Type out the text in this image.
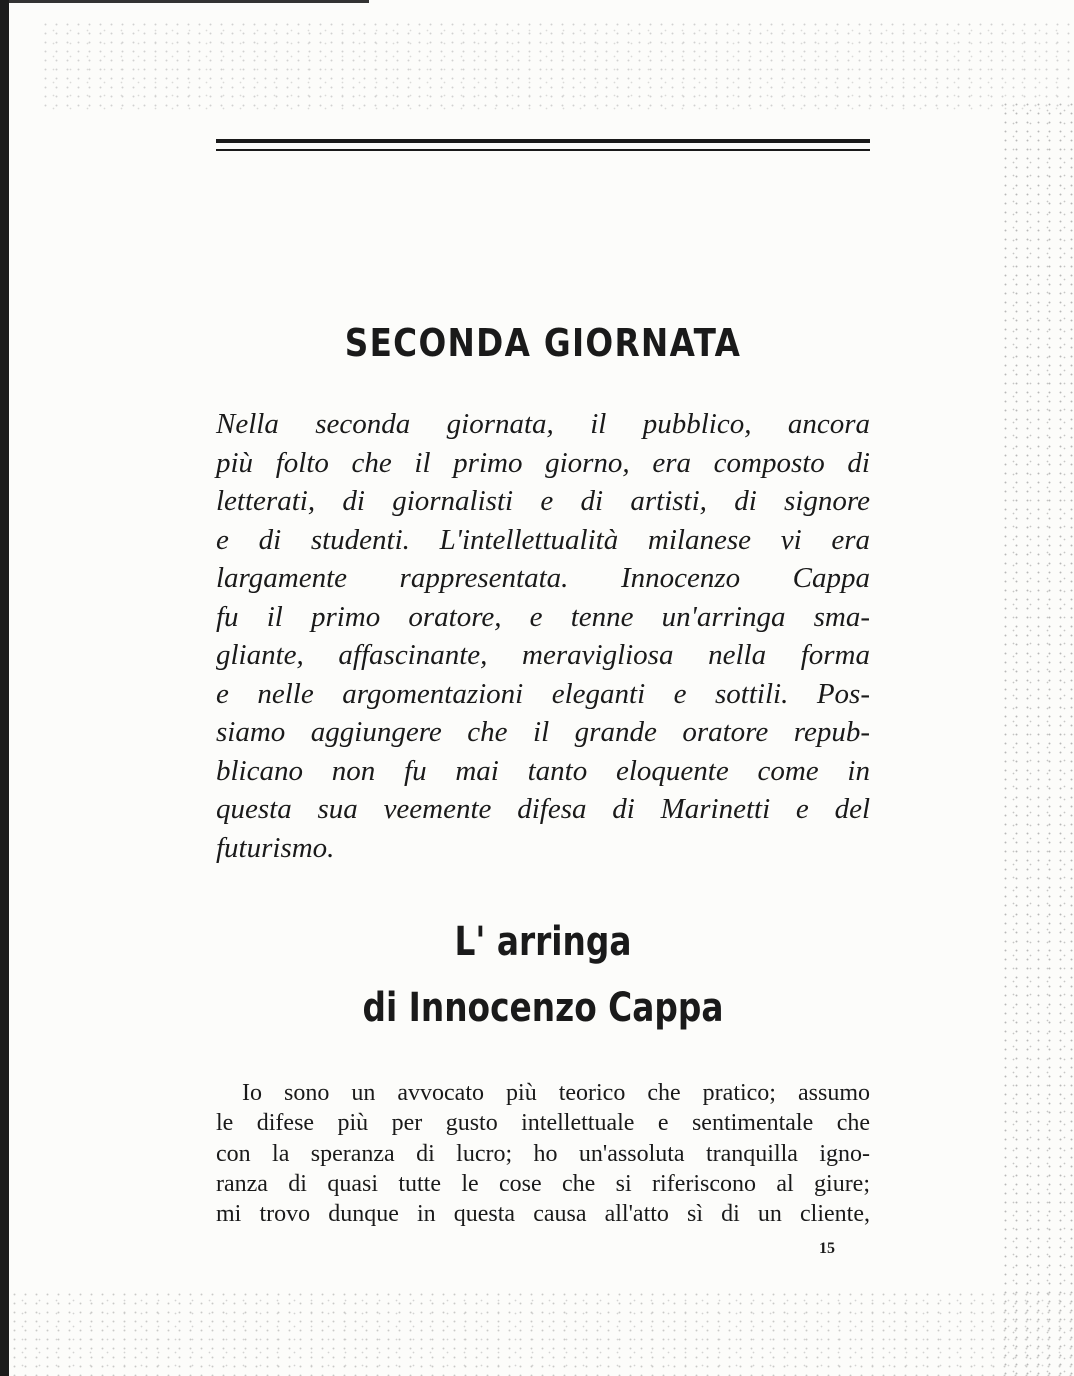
SECONDA GIORNATA

Nella seconda giornata, il pubblico, ancora
più folto che il primo giorno, era composto di
letterati, di giornalisti e di artisti, di signore
e di studenti. L'intellettualità milanese vi era
largamente rappresentata. Innocenzo Cappa
fu il primo oratore, e tenne un'arringa sma-
gliante, affascinante, meravigliosa nella forma
e nelle argomentazioni eleganti e sottili. Pos-
siamo aggiungere che il grande oratore repub-
blicano non fu mai tanto eloquente come in
questa sua veemente difesa di Marinetti e del
futurismo.

L' arringa
di Innocenzo Cappa

Io sono un avvocato più teorico che pratico; assumo
le difese più per gusto intellettuale e sentimentale che
con la speranza di lucro; ho un'assoluta tranquilla igno-
ranza di quasi tutte le cose che si riferiscono al giure;
mi trovo dunque in questa causa all'atto sì di un cliente,

15
